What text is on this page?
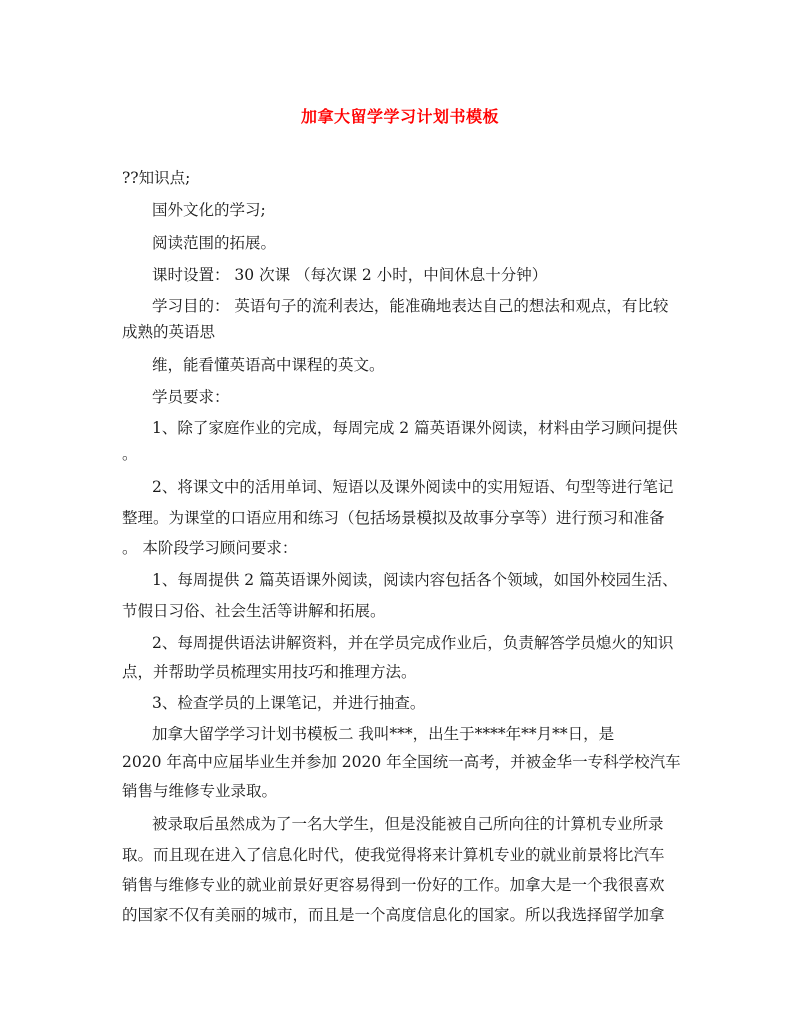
加拿大留学学习计划书模板
??知识点;
国外文化的学习;
阅读范围的拓展。
课时设置： 30 次课 （每次课 2 小时，中间休息十分钟）
学习目的： 英语句子的流利表达，能准确地表达自己的想法和观点，有比较
成熟的英语思
维，能看懂英语高中课程的英文。
学员要求：
1、除了家庭作业的完成，每周完成 2 篇英语课外阅读，材料由学习顾问提供
。
2、将课文中的活用单词、短语以及课外阅读中的实用短语、句型等进行笔记
整理。为课堂的口语应用和练习（包括场景模拟及故事分享等）进行预习和准备
。 本阶段学习顾问要求：
1、每周提供 2 篇英语课外阅读，阅读内容包括各个领域，如国外校园生活、
节假日习俗、社会生活等讲解和拓展。
2、每周提供语法讲解资料，并在学员完成作业后，负责解答学员熄火的知识
点，并帮助学员梳理实用技巧和推理方法。
3、检查学员的上课笔记，并进行抽查。
加拿大留学学习计划书模板二 我叫***，出生于****年**月**日，是
2020 年高中应届毕业生并参加 2020 年全国统一高考，并被金华一专科学校汽车
销售与维修专业录取。
被录取后虽然成为了一名大学生，但是没能被自己所向往的计算机专业所录
取。而且现在进入了信息化时代，使我觉得将来计算机专业的就业前景将比汽车
销售与维修专业的就业前景好更容易得到一份好的工作。加拿大是一个我很喜欢
的国家不仅有美丽的城市，而且是一个高度信息化的国家。所以我选择留学加拿
